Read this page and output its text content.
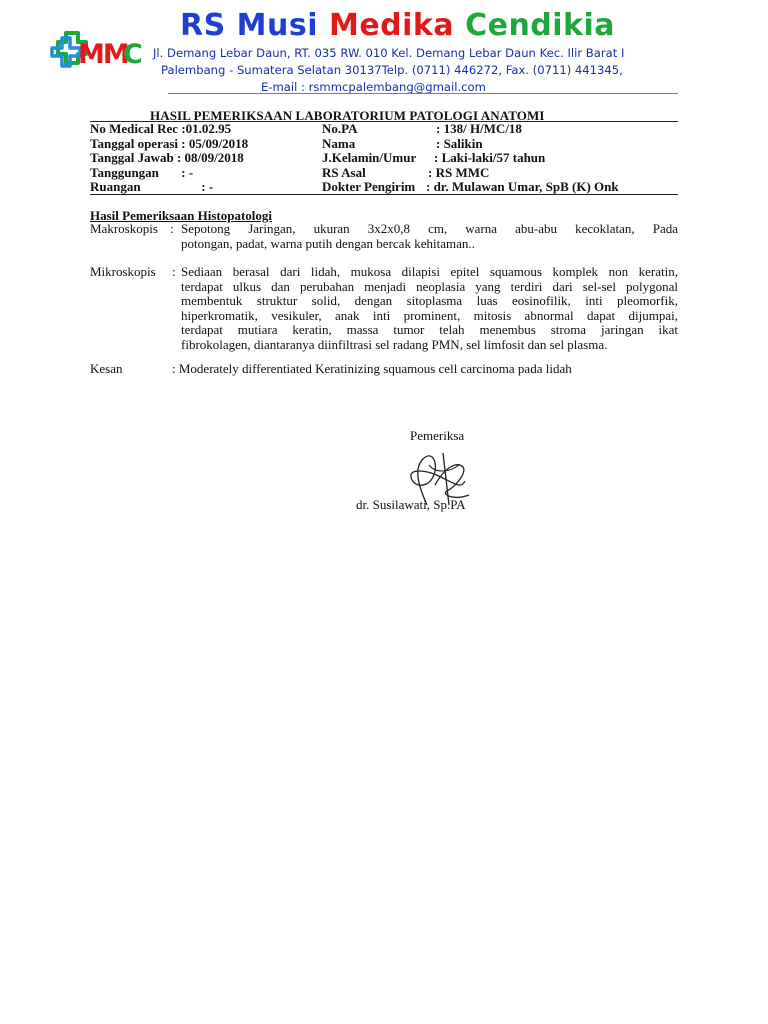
MM
C
RS Musi Medika Cendikia
Jl. Demang Lebar Daun, RT. 035 RW. 010 Kel. Demang Lebar Daun Kec. Ilir Barat I
Palembang - Sumatera Selatan 30137Telp. (0711) 446272, Fax. (0711) 441345,
E-mail : rsmmcpalembang@gmail.com
HASIL PEMERIKSAAN LABORATORIUM PATOLOGI ANATOMI
No Medical Rec :01.02.95
Tanggal operasi : 05/09/2018
Tanggal Jawab : 08/09/2018
Tanggungan : -
Ruangan	: -
No.PA	: 138/ H/MC/18
Nama	: Salikin
J.Kelamin/Umur : Laki-laki/57 tahun
RS Asal	: RS MMC
Dokter Pengirim : dr. Mulawan Umar, SpB (K) Onk
Hasil Pemeriksaan Histopatologi
Makroskopis : Sepotong Jaringan, ukuran 3x2x0,8 cm, warna abu-abu kecoklatan, Pada
potongan, padat, warna putih dengan bercak kehitaman..
Mikroskopis : Sediaan berasal dari lidah, mukosa dilapisi epitel squamous komplek non keratin,
terdapat ulkus dan perubahan menjadi neoplasia yang terdiri dari sel-sel polygonal
membentuk struktur solid, dengan sitoplasma luas eosinofilik, inti pleomorfik,
hiperkromatik, vesikuler, anak inti prominent, mitosis abnormal dapat dijumpai,
terdapat mutiara keratin, massa tumor telah menembus stroma jaringan ikat
fibrokolagen, diantaranya diinfiltrasi sel radang PMN, sel limfosit dan sel plasma.
Kesan	: Moderately differentiated Keratinizing squamous cell carcinoma pada lidah
Pemeriksa
dr. Susilawati, Sp.PA
